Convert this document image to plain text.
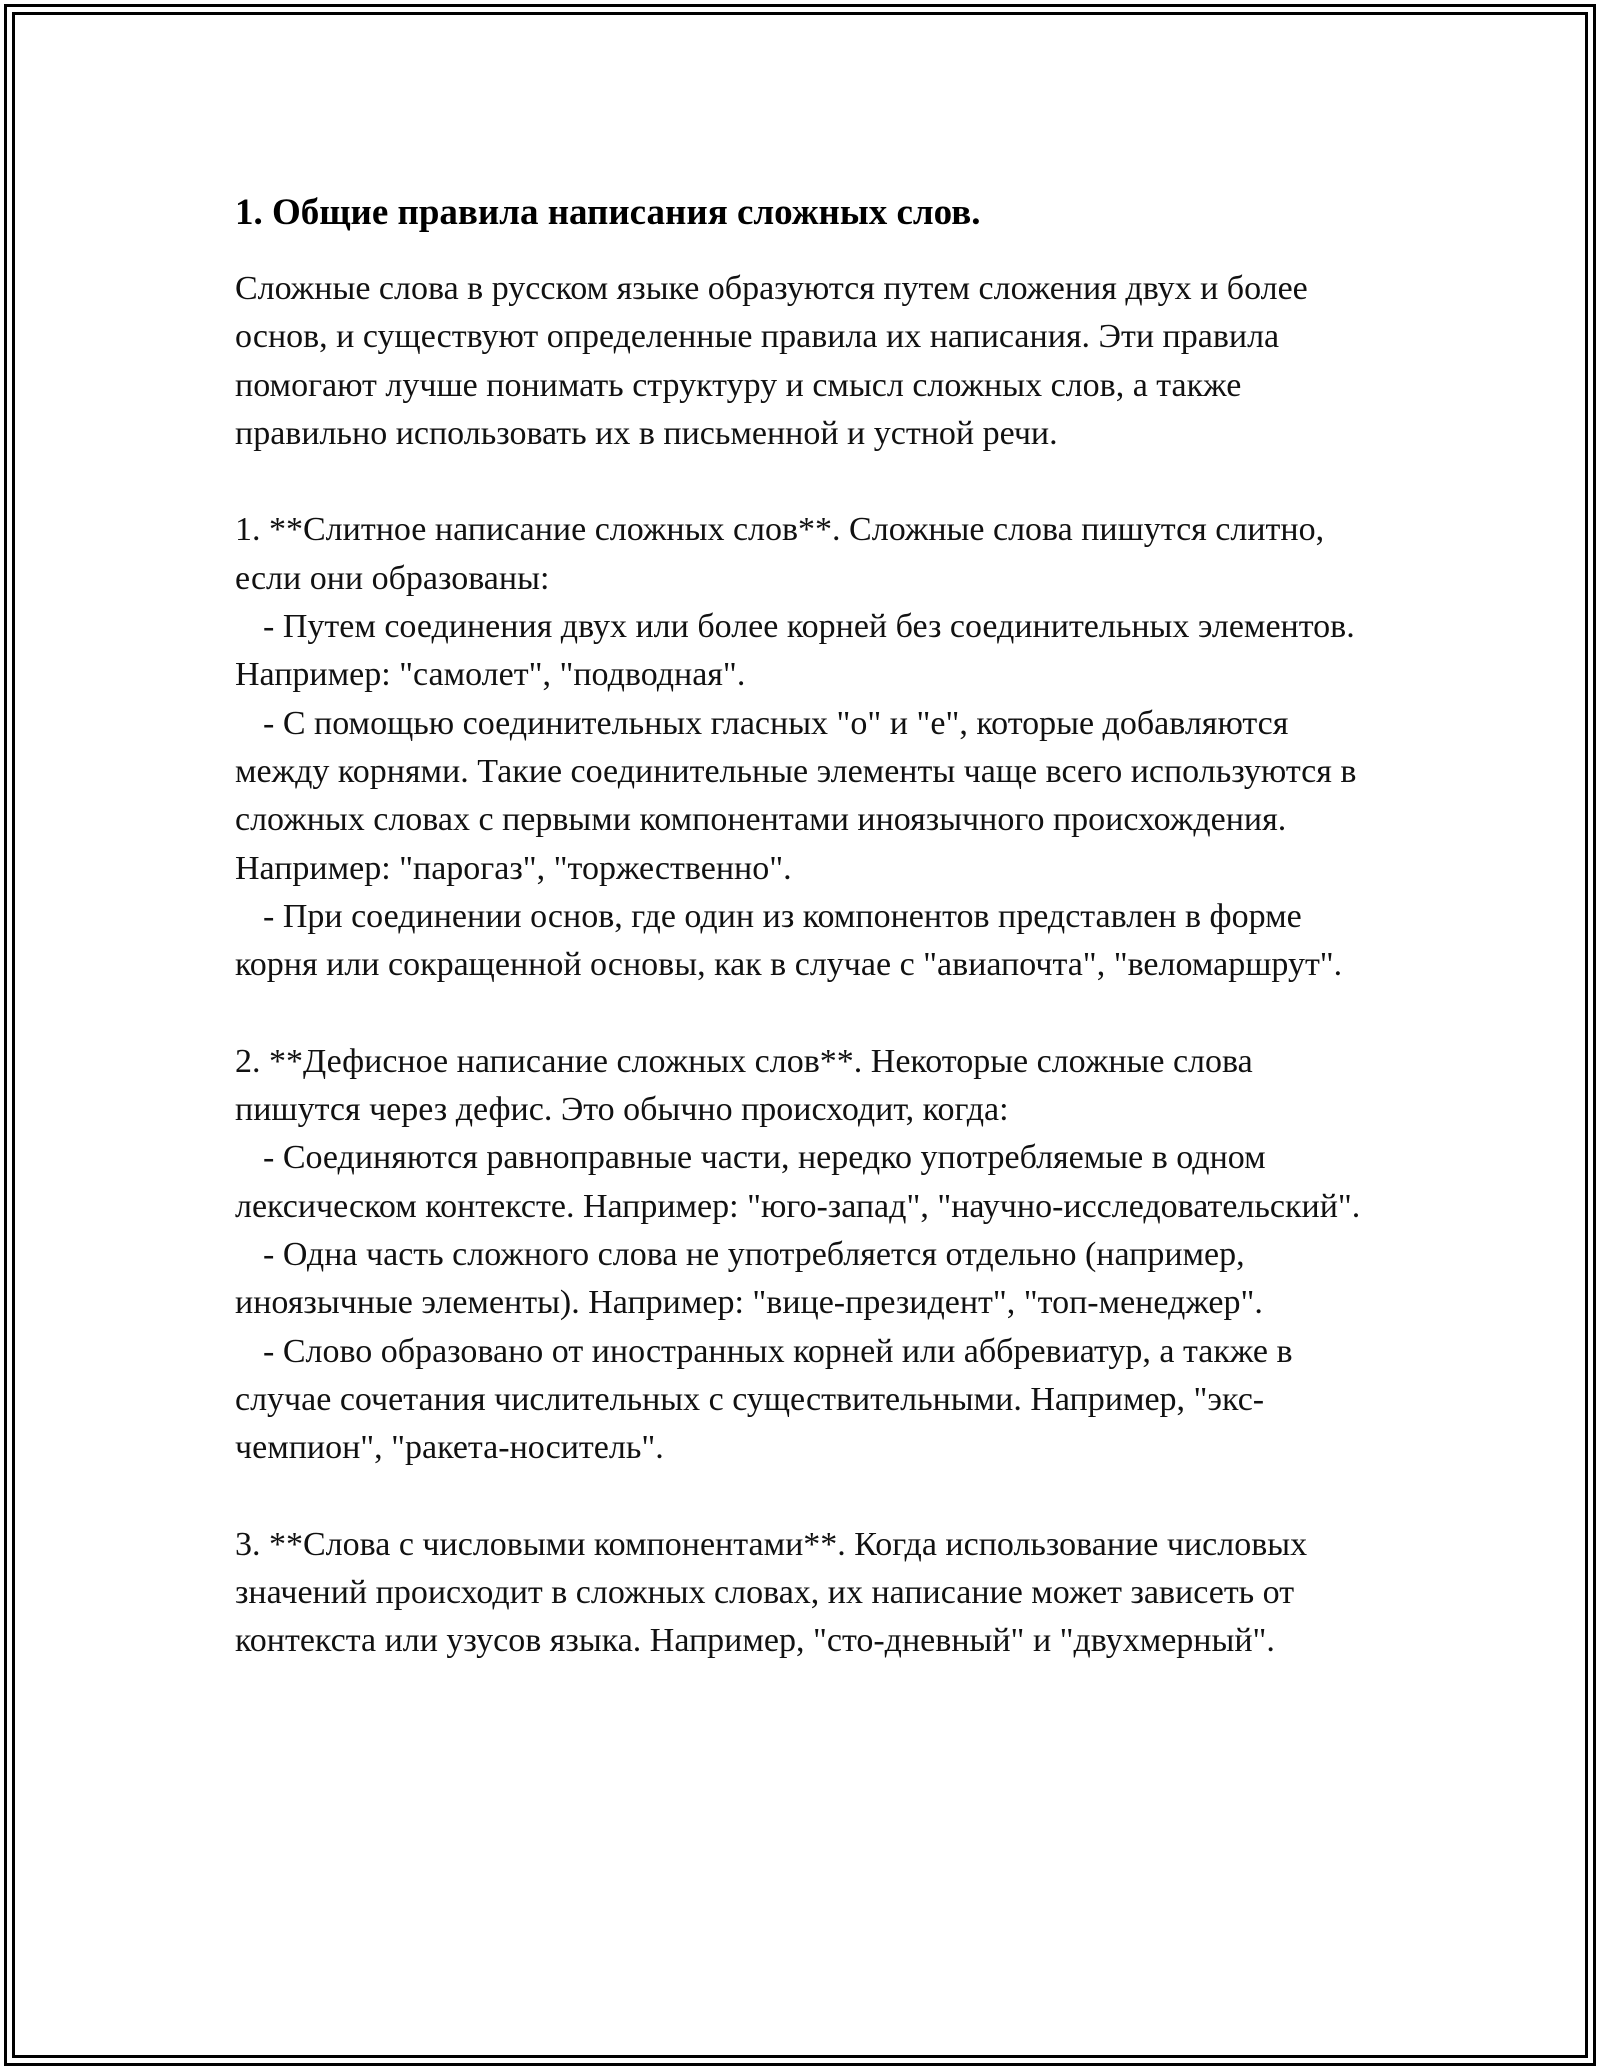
1. Общие правила написания сложных слов.

Сложные слова в русском языке образуются путем сложения двух и более основ, и существуют определенные правила их написания. Эти правила помогают лучше понимать структуру и смысл сложных слов, а также правильно использовать их в письменной и устной речи.

1. **Слитное написание сложных слов**. Сложные слова пишутся слитно, если они образованы:

- Путем соединения двух или более корней без соединительных элементов. Например: "самолет", "подводная".

- С помощью соединительных гласных "о" и "е", которые добавляются между корнями. Такие соединительные элементы чаще всего используются в сложных словах с первыми компонентами иноязычного происхождения. Например: "парогаз", "торжественно".

- При соединении основ, где один из компонентов представлен в форме корня или сокращенной основы, как в случае с "авиапочта", "веломаршрут".

2. **Дефисное написание сложных слов**. Некоторые сложные слова пишутся через дефис. Это обычно происходит, когда:

- Соединяются равноправные части, нередко употребляемые в одном лексическом контексте. Например: "юго-запад", "научно-исследовательский".

- Одна часть сложного слова не употребляется отдельно (например, иноязычные элементы). Например: "вице-президент", "топ-менеджер".

- Слово образовано от иностранных корней или аббревиатур, а также в случае сочетания числительных с существительными. Например, "экс-чемпион", "ракета-носитель".

3. **Слова с числовыми компонентами**. Когда использование числовых значений происходит в сложных словах, их написание может зависеть от контекста или узусов языка. Например, "сто-дневный" и "двухмерный".
